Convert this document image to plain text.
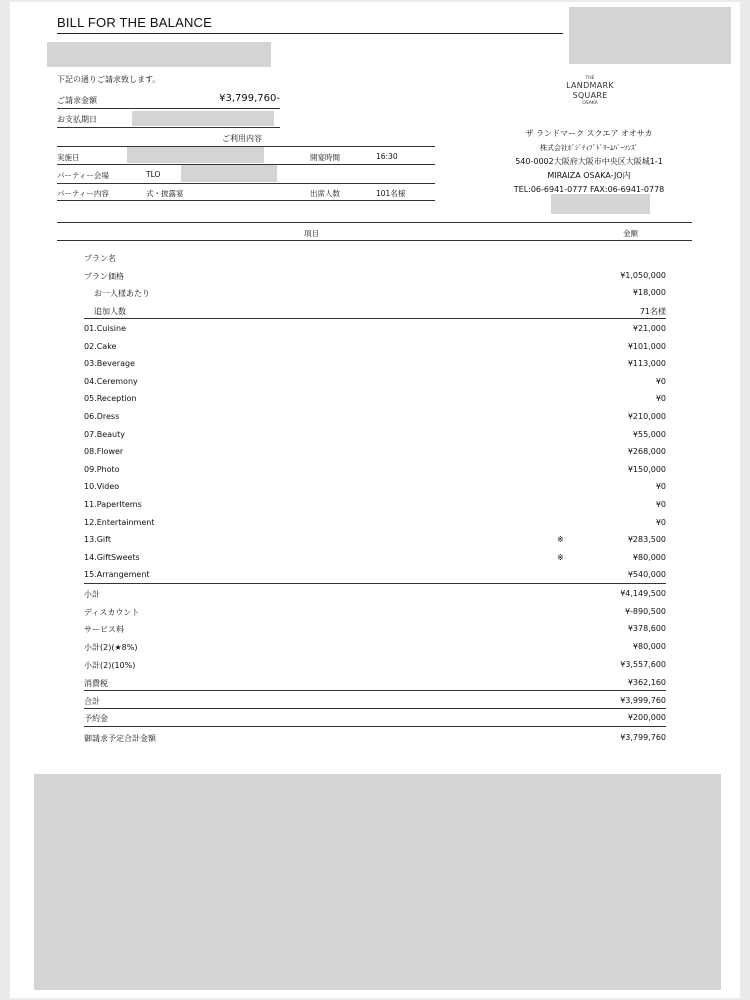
BILL FOR THE BALANCE
下記の通りご請求致します。
ご請求金額	¥3,799,760-
お支払期日
ご利用内容
実施日	開宴時間	16:30
パーティー会場	TLO
パーティー内容	式・披露宴	出席人数	101名様
THE
LANDMARK
SQUARE
OSAKA
ザ ランドマーク スクエア オオサカ
株式会社ﾎﾞｼﾞﾃｨﾌﾞﾄﾞﾘｰﾑﾊﾟｰｿﾝｽﾞ
540-0002大阪府大阪市中央区大阪城1-1
MIRAIZA OSAKA-JO内
TEL:06-6941-0777 FAX:06-6941-0778
項目	金額
プラン名
プラン価格	¥1,050,000
お一人様あたり	¥18,000
追加人数	71名様
01.Cuisine	¥21,000
02.Cake	¥101,000
03.Beverage	¥113,000
04.Ceremony	¥0
05.Reception	¥0
06.Dress	¥210,000
07.Beauty	¥55,000
08.Flower	¥268,000
09.Photo	¥150,000
10.Video	¥0
11.PaperItems	¥0
12.Entertainment	¥0
13.Gift	※	¥283,500
14.GiftSweets	※	¥80,000
15.Arrangement	¥540,000
小計	¥4,149,500
ディスカウント	¥-890,500
サービス料	¥378,600
小計(2)(★8%)	¥80,000
小計(2)(10%)	¥3,557,600
消費税	¥362,160
合計	¥3,999,760
予約金	¥200,000
御請求予定合計金額	¥3,799,760
